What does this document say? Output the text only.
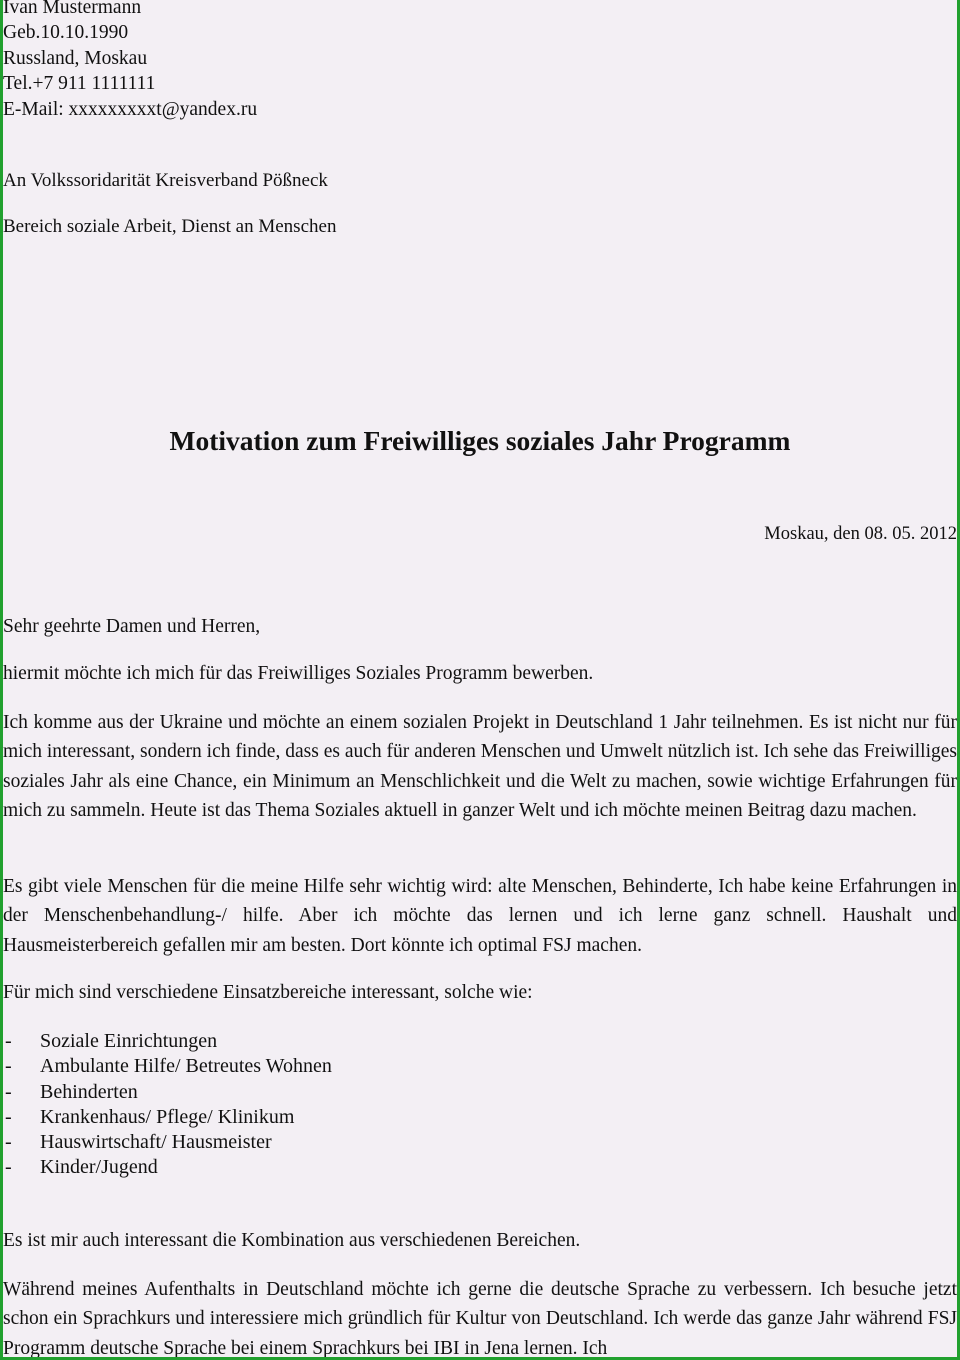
Ivan Mustermann
Geb.10.10.1990
Russland, Moskau
Tel.+7 911 1111111
E-Mail: xxxxxxxxxt@yandex.ru
An Volkssoridarität Kreisverband Pößneck
Bereich soziale Arbeit, Dienst an Menschen
Motivation zum Freiwilliges soziales Jahr Programm
Moskau, den 08. 05. 2012
Sehr geehrte Damen und Herren,
hiermit möchte ich mich für das Freiwilliges Soziales Programm bewerben.
Ich komme aus der Ukraine und möchte an einem sozialen Projekt in Deutschland 1 Jahr teilnehmen. Es ist nicht nur für mich interessant, sondern ich finde, dass es auch für anderen Menschen und Umwelt nützlich ist. Ich sehe das Freiwilliges soziales Jahr als eine Chance, ein Minimum an Menschlichkeit und die Welt zu machen, sowie wichtige Erfahrungen für mich zu sammeln. Heute ist das Thema Soziales aktuell in ganzer Welt und ich möchte meinen Beitrag dazu machen.
Es gibt viele Menschen für die meine Hilfe sehr wichtig wird: alte Menschen, Behinderte, Ich habe keine Erfahrungen in der Menschenbehandlung-/ hilfe. Aber ich möchte das lernen und ich lerne ganz schnell. Haushalt und Hausmeisterbereich gefallen mir am besten. Dort könnte ich optimal FSJ machen.
Für mich sind verschiedene Einsatzbereiche interessant, solche wie:
- Soziale Einrichtungen
- Ambulante Hilfe/ Betreutes Wohnen
- Behinderten
- Krankenhaus/ Pflege/ Klinikum
- Hauswirtschaft/ Hausmeister
- Kinder/Jugend
Es ist mir auch interessant die Kombination aus verschiedenen Bereichen.
Während meines Aufenthalts in Deutschland möchte ich gerne die deutsche Sprache zu verbessern. Ich besuche jetzt schon ein Sprachkurs und interessiere mich gründlich für Kultur von Deutschland. Ich werde das ganze Jahr während FSJ Programm deutsche Sprache bei einem Sprachkurs bei IBI in Jena lernen. Ich
